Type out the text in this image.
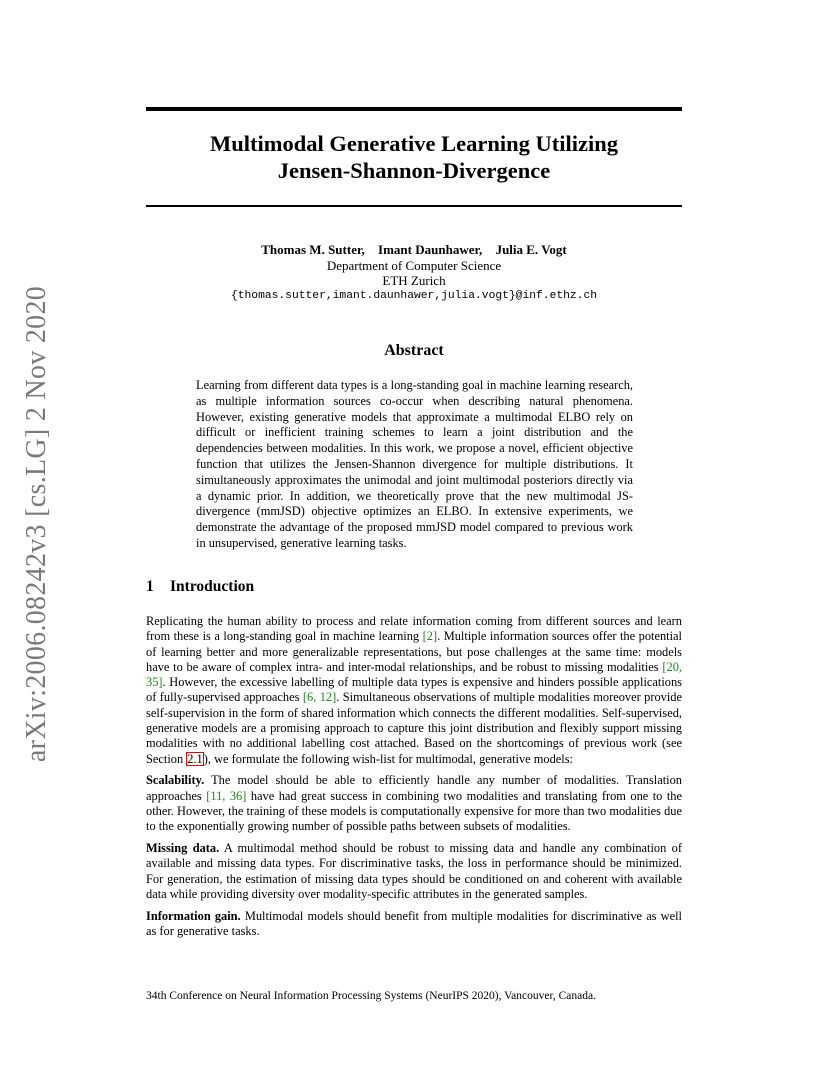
arXiv:2006.08242v3 [cs.LG] 2 Nov 2020
Multimodal Generative Learning Utilizing
Jensen-Shannon-Divergence
Thomas M. Sutter, Imant Daunhawer, Julia E. Vogt
Department of Computer Science
ETH Zurich
{thomas.sutter,imant.daunhawer,julia.vogt}@inf.ethz.ch
Abstract
Learning from different data types is a long-standing goal in machine learning research, as multiple information sources co-occur when describing natural phenomena. However, existing generative models that approximate a multimodal ELBO rely on difficult or inefficient training schemes to learn a joint distribution and the dependencies between modalities. In this work, we propose a novel, efficient objective function that utilizes the Jensen-Shannon divergence for multiple distributions. It simultaneously approximates the unimodal and joint multimodal posteriors directly via a dynamic prior. In addition, we theoretically prove that the new multimodal JS-divergence (mmJSD) objective optimizes an ELBO. In extensive experiments, we demonstrate the advantage of the proposed mmJSD model compared to previous work in unsupervised, generative learning tasks.
1 Introduction

Replicating the human ability to process and relate information coming from different sources and learn from these is a long-standing goal in machine learning [2]. Multiple information sources offer the potential of learning better and more generalizable representations, but pose challenges at the same time: models have to be aware of complex intra- and inter-modal relationships, and be robust to missing modalities [20, 35]. However, the excessive labelling of multiple data types is expensive and hinders possible applications of fully-supervised approaches [6, 12]. Simultaneous observations of multiple modalities moreover provide self-supervision in the form of shared information which connects the different modalities. Self-supervised, generative models are a promising approach to capture this joint distribution and flexibly support missing modalities with no additional labelling cost attached. Based on the shortcomings of previous work (see Section 2.1), we formulate the following wish-list for multimodal, generative models:

Scalability. The model should be able to efficiently handle any number of modalities. Translation approaches [11, 36] have had great success in combining two modalities and translating from one to the other. However, the training of these models is computationally expensive for more than two modalities due to the exponentially growing number of possible paths between subsets of modalities.

Missing data. A multimodal method should be robust to missing data and handle any combination of available and missing data types. For discriminative tasks, the loss in performance should be minimized. For generation, the estimation of missing data types should be conditioned on and coherent with available data while providing diversity over modality-specific attributes in the generated samples.

Information gain. Multimodal models should benefit from multiple modalities for discriminative as well as for generative tasks.

34th Conference on Neural Information Processing Systems (NeurIPS 2020), Vancouver, Canada.
